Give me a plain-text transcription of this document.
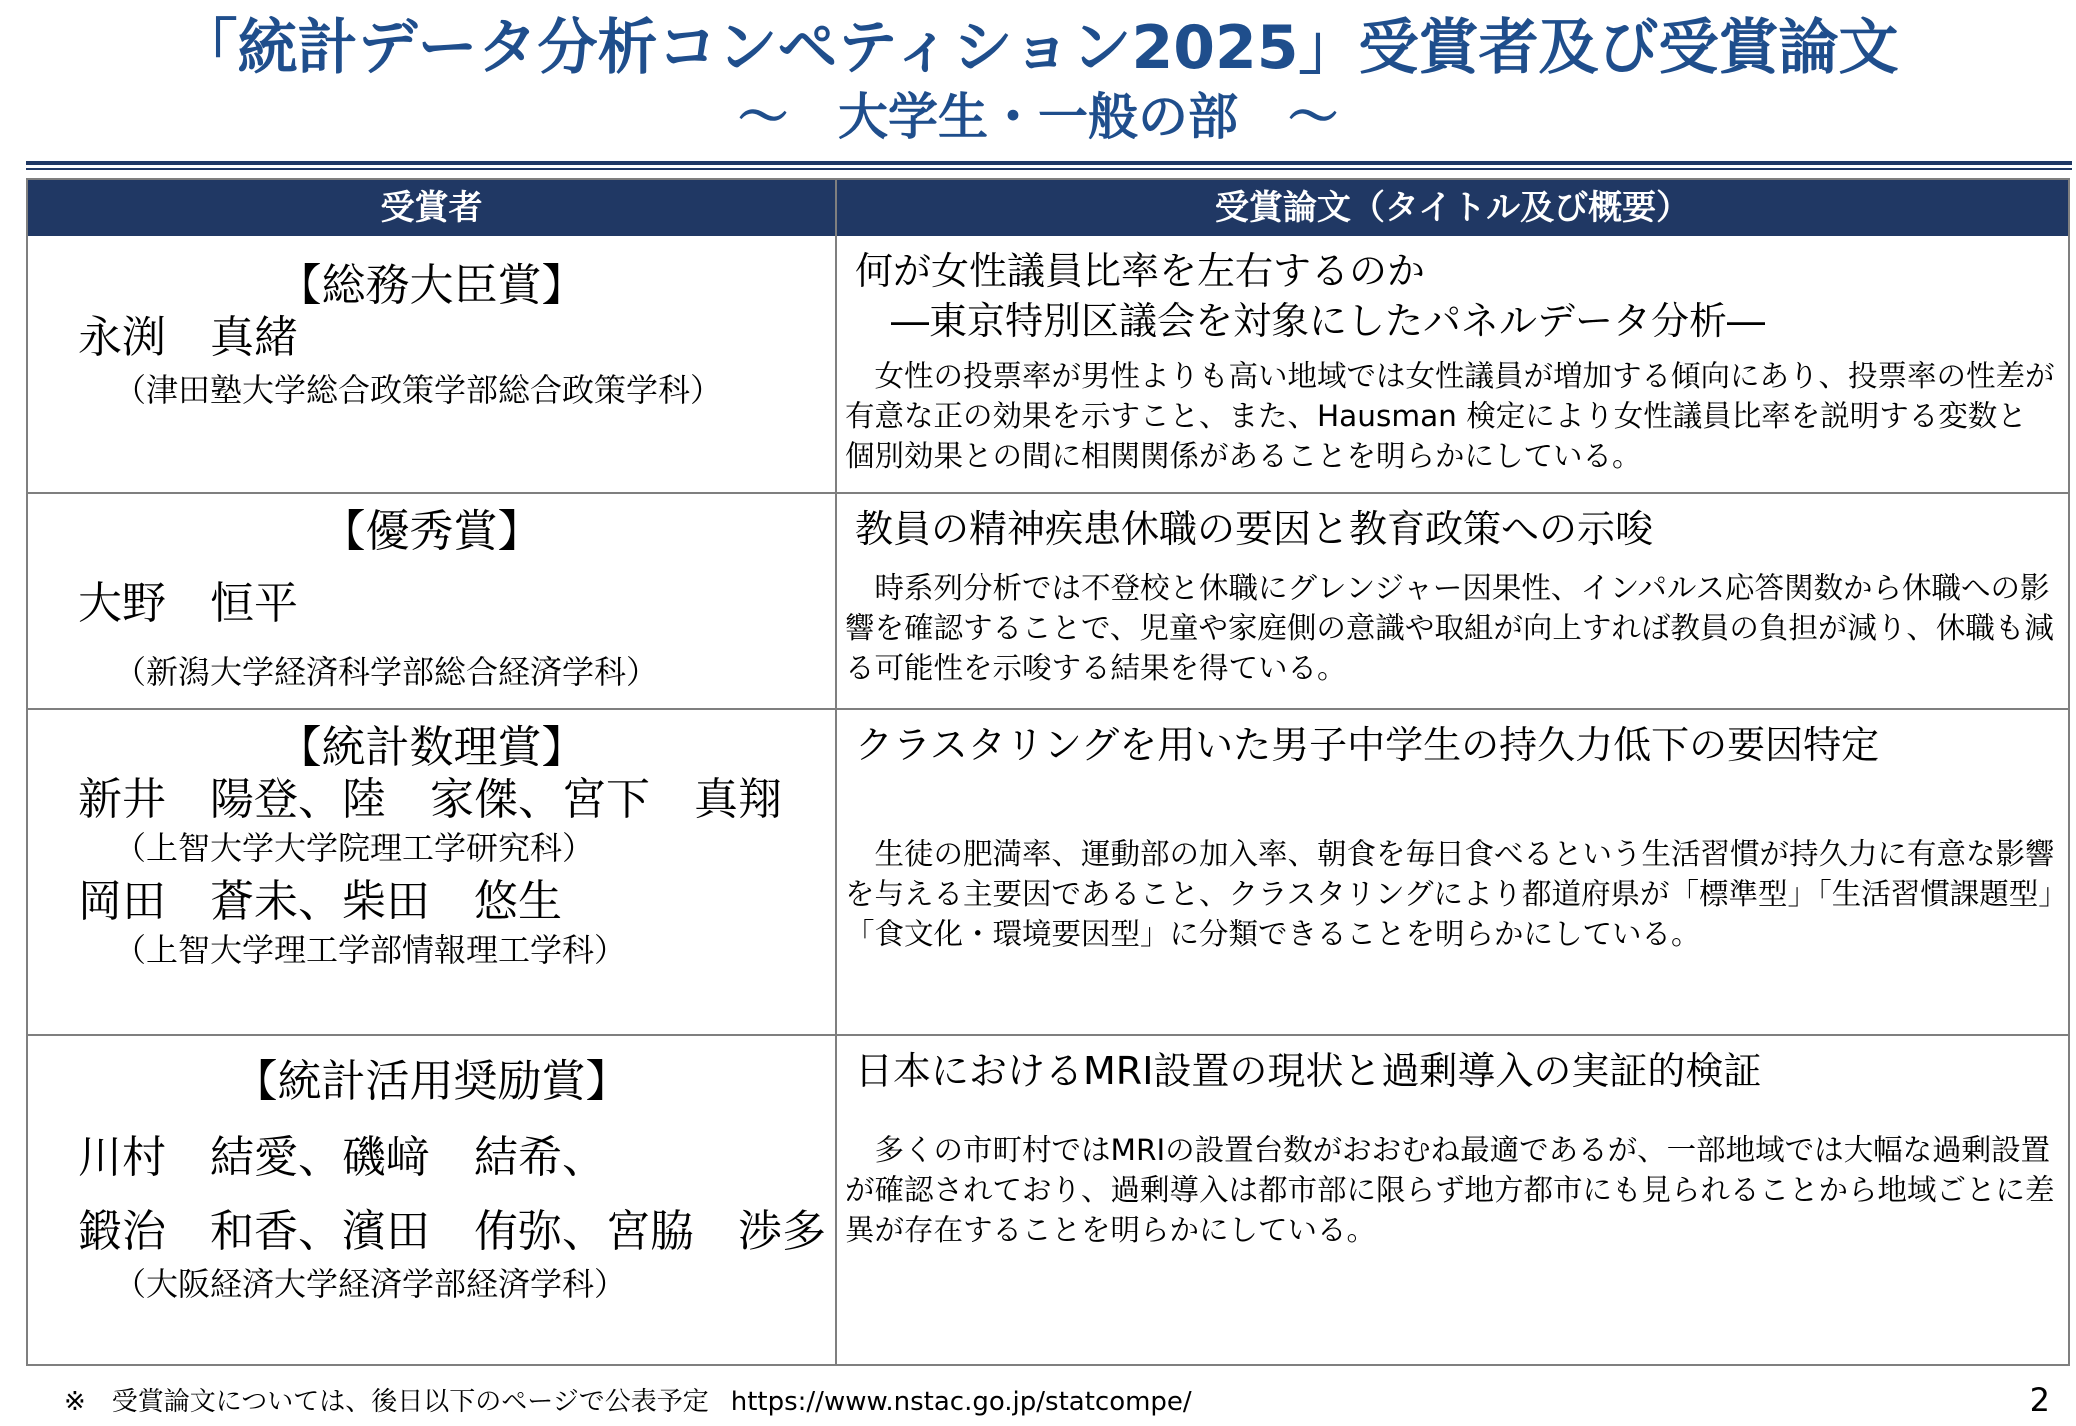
「統計データ分析コンペティション2025」受賞者及び受賞論文
～　大学生・一般の部　～
受賞者	受賞論文（タイトル及び概要）
【総務大臣賞】
永渕　真緒
（津田塾大学総合政策学部総合政策学科）
何が女性議員比率を左右するのか
―東京特別区議会を対象にしたパネルデータ分析―
　女性の投票率が男性よりも高い地域では女性議員が増加する傾向にあり、投票率の性差が有意な正の効果を示すこと、また、Hausman 検定により女性議員比率を説明する変数と個別効果との間に相関関係があることを明らかにしている。
【優秀賞】
大野　恒平
（新潟大学経済科学部総合経済学科）
教員の精神疾患休職の要因と教育政策への示唆
　時系列分析では不登校と休職にグレンジャー因果性、インパルス応答関数から休職への影響を確認することで、児童や家庭側の意識や取組が向上すれば教員の負担が減り、休職も減る可能性を示唆する結果を得ている。
【統計数理賞】
新井　陽登、陸　家傑、宮下　真翔
（上智大学大学院理工学研究科）
岡田　蒼未、柴田　悠生
（上智大学理工学部情報理工学科）
クラスタリングを用いた男子中学生の持久力低下の要因特定
　生徒の肥満率、運動部の加入率、朝食を毎日食べるという生活習慣が持久力に有意な影響を与える主要因であること、クラスタリングにより都道府県が「標準型」「生活習慣課題型」「食文化・環境要因型」に分類できることを明らかにしている。
【統計活用奨励賞】
川村　結愛、磯﨑　結希、
鍛治　和香、濱田　侑弥、宮脇　渉多
（大阪経済大学経済学部経済学科）
日本におけるMRI設置の現状と過剰導入の実証的検証
　多くの市町村ではMRIの設置台数がおおむね最適であるが、一部地域では大幅な過剰設置が確認されており、過剰導入は都市部に限らず地方都市にも見られることから地域ごとに差異が存在することを明らかにしている。
※　受賞論文については、後日以下のページで公表予定 https://www.nstac.go.jp/statcompe/	2
